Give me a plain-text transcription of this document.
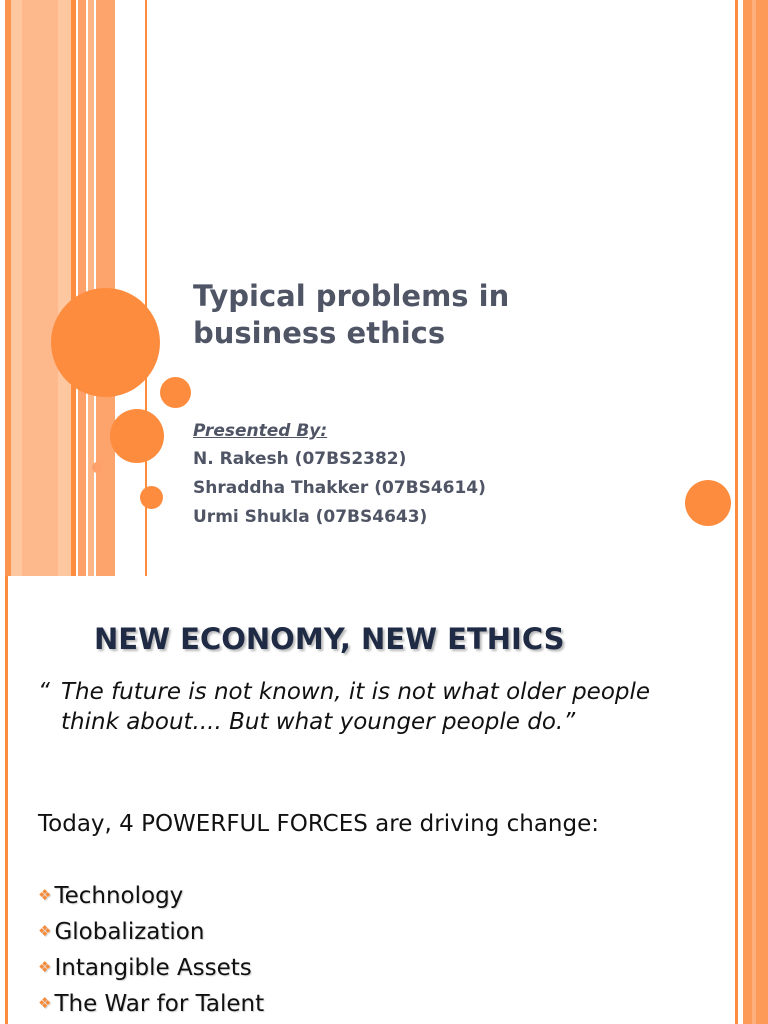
Typical problems in
business ethics
Presented By:
N. Rakesh (07BS2382)
Shraddha Thakker (07BS4614)
Urmi Shukla (07BS4643)
NEW ECONOMY, NEW ETHICS
“ The future is not known, it is not what older people think about.... But what younger people do.”
Today, 4 POWERFUL FORCES are driving change:
❖ Technology
❖ Globalization
❖ Intangible Assets
❖ The War for Talent
